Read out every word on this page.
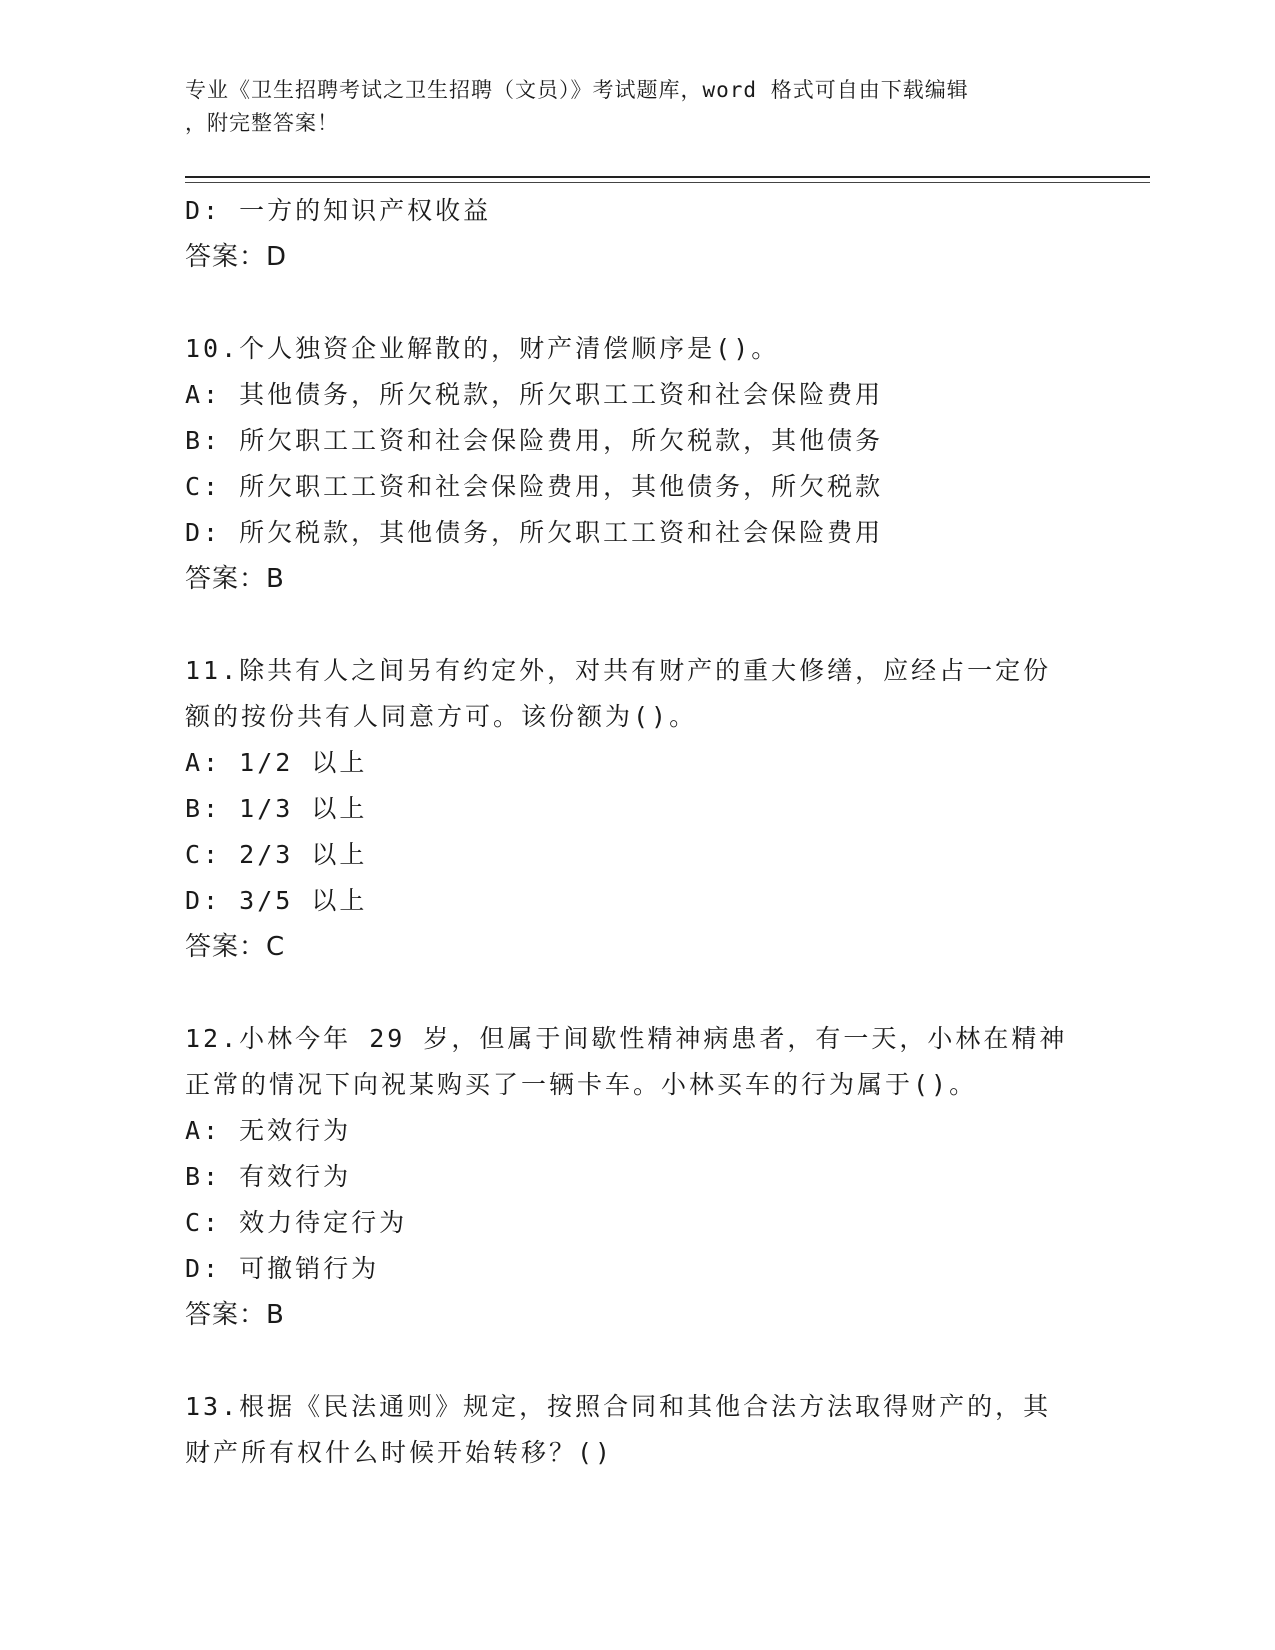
专业《卫生招聘考试之卫生招聘（文员）》考试题库，word 格式可自由下载编辑
，附完整答案！
D: 一方的知识产权收益
答案：D
10.个人独资企业解散的，财产清偿顺序是()。
A: 其他债务，所欠税款，所欠职工工资和社会保险费用
B: 所欠职工工资和社会保险费用，所欠税款，其他债务
C: 所欠职工工资和社会保险费用，其他债务，所欠税款
D: 所欠税款，其他债务，所欠职工工资和社会保险费用
答案：B
11.除共有人之间另有约定外，对共有财产的重大修缮，应经占一定份
额的按份共有人同意方可。该份额为()。
A: 1/2 以上
B: 1/3 以上
C: 2/3 以上
D: 3/5 以上
答案：C
12.小林今年 29 岁，但属于间歇性精神病患者，有一天，小林在精神
正常的情况下向祝某购买了一辆卡车。小林买车的行为属于()。
A: 无效行为
B: 有效行为
C: 效力待定行为
D: 可撤销行为
答案：B
13.根据《民法通则》规定，按照合同和其他合法方法取得财产的，其
财产所有权什么时候开始转移？()
